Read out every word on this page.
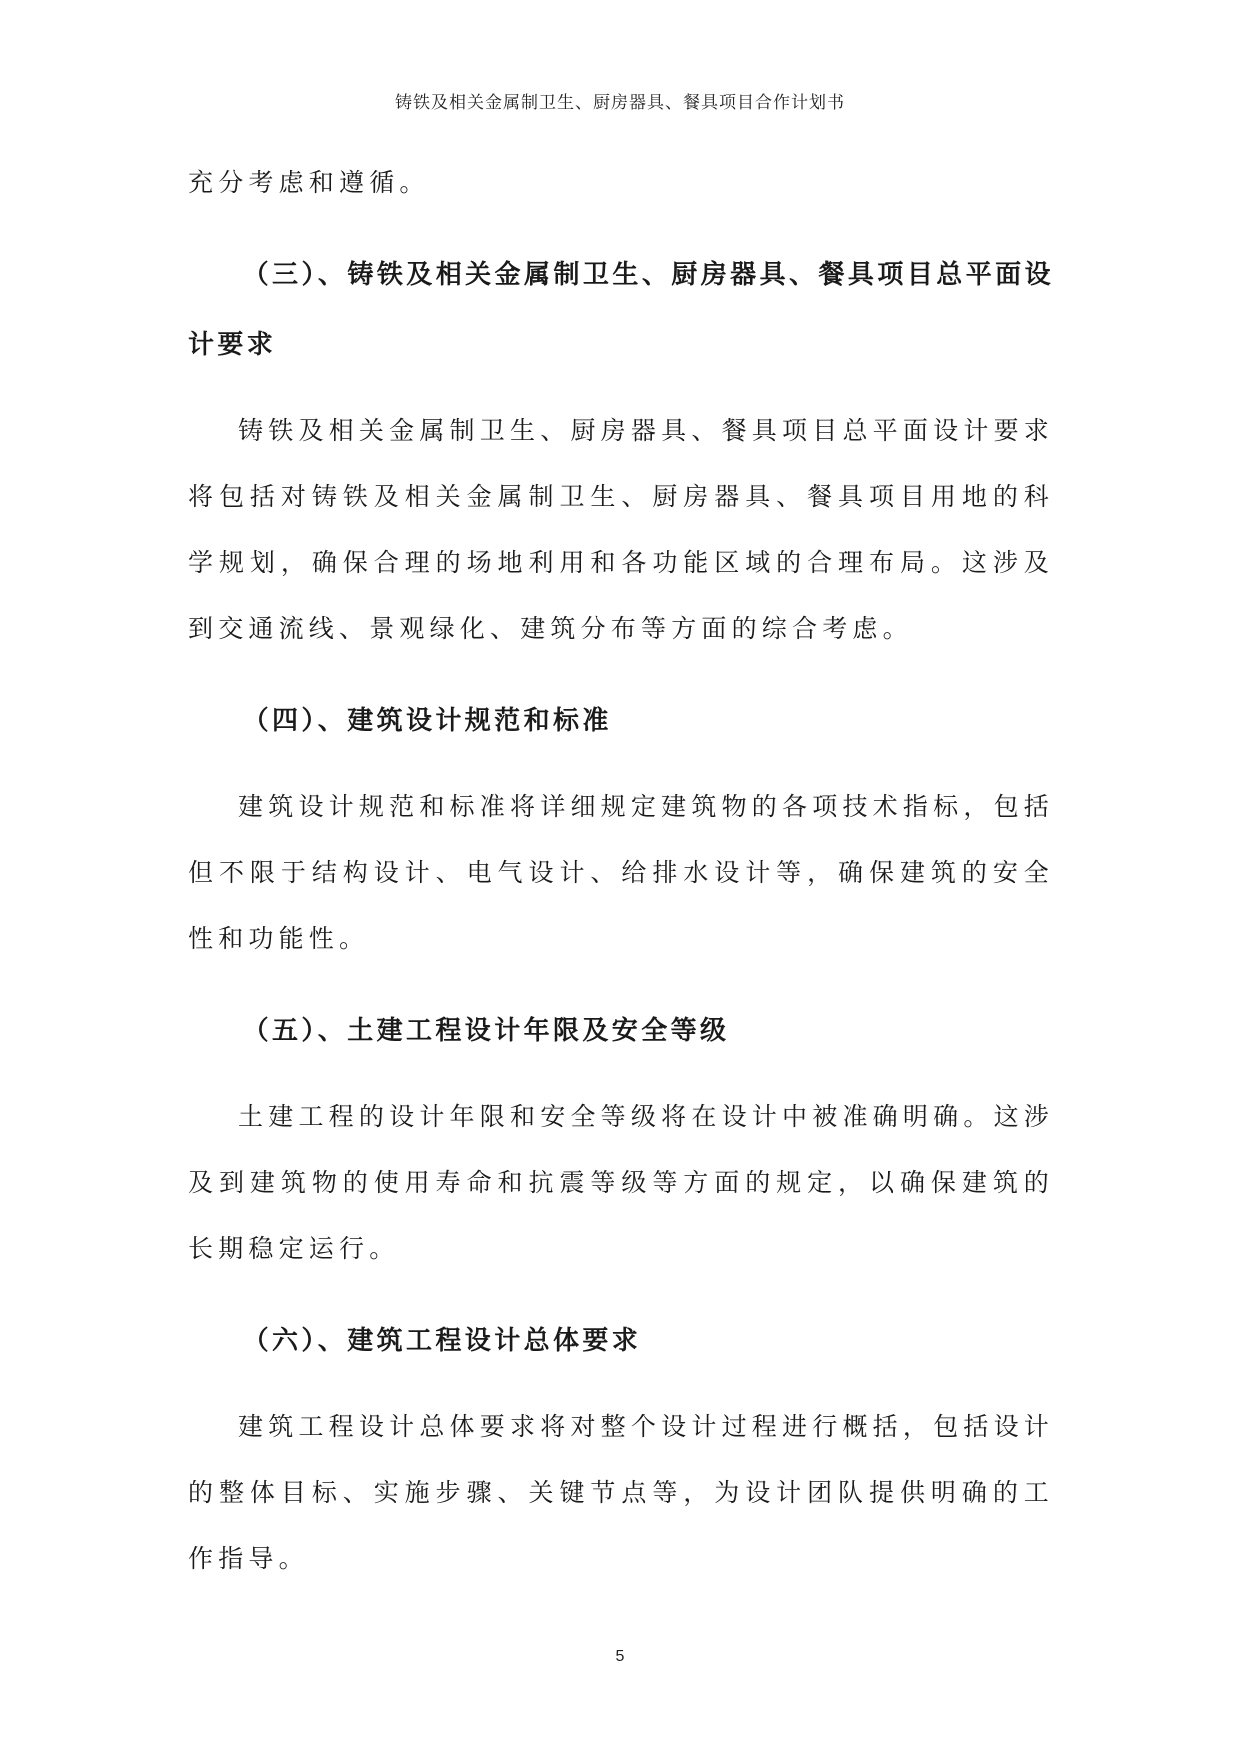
铸铁及相关金属制卫生、厨房器具、餐具项目合作计划书

充分考虑和遵循。

（三）、铸铁及相关金属制卫生、厨房器具、餐具项目总平面设计要求

铸铁及相关金属制卫生、厨房器具、餐具项目总平面设计要求将包括对铸铁及相关金属制卫生、厨房器具、餐具项目用地的科学规划，确保合理的场地利用和各功能区域的合理布局。这涉及到交通流线、景观绿化、建筑分布等方面的综合考虑。

（四）、建筑设计规范和标准

建筑设计规范和标准将详细规定建筑物的各项技术指标，包括但不限于结构设计、电气设计、给排水设计等，确保建筑的安全性和功能性。

（五）、土建工程设计年限及安全等级

土建工程的设计年限和安全等级将在设计中被准确明确。这涉及到建筑物的使用寿命和抗震等级等方面的规定，以确保建筑的长期稳定运行。

（六）、建筑工程设计总体要求

建筑工程设计总体要求将对整个设计过程进行概括，包括设计的整体目标、实施步骤、关键节点等，为设计团队提供明确的工作指导。

5
